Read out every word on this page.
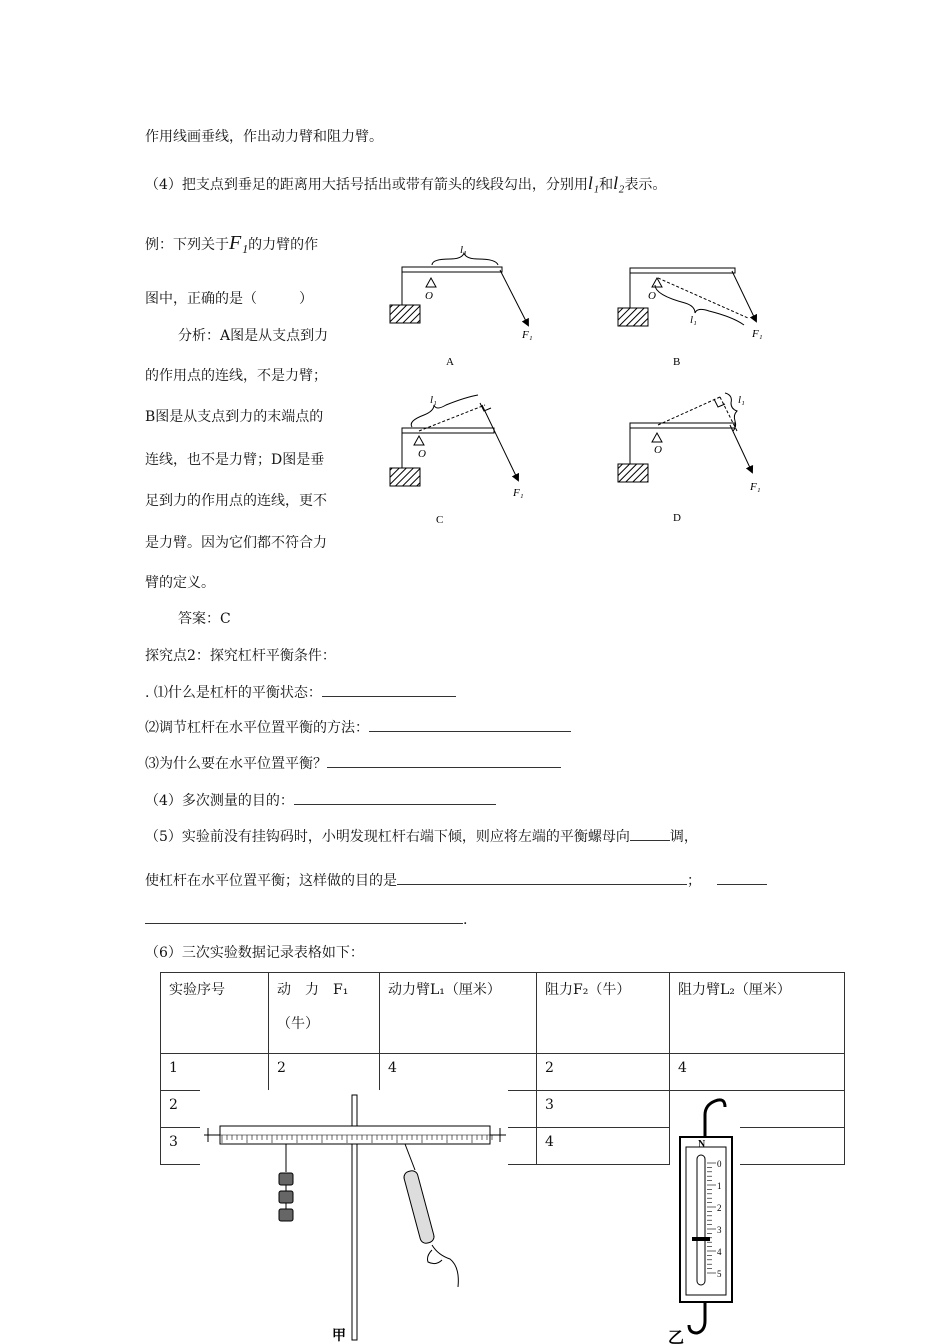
作用线画垂线，作出动力臂和阻力臂。
（4）把支点到垂足的距离用大括号括出或带有箭头的线段勾出，分别用l₁和l₂表示。
例：下列关于F₁的力臂的作
图中，正确的是（　　　）
分析：A图是从支点到力
的作用点的连线，不是力臂；
B图是从支点到力的末端点的
连线，也不是力臂；D图是垂
足到力的作用点的连线，更不
是力臂。因为它们都不符合力
臂的定义。
答案：C
探究点2：探究杠杆平衡条件：
. ⑴什么是杠杆的平衡状态：
⑵调节杠杆在水平位置平衡的方法：
⑶为什么要在水平位置平衡？
（4）多次测量的目的：
（5）实验前没有挂钩码时，小明发现杠杆右端下倾，则应将左端的平衡螺母向	调，
使杠杆在水平位置平衡；这样做的目的是	；
.
（6）三次实验数据记录表格如下：
O
l₁
F₁
A
O
l₁
F₁
B
O
l₁
F₁
C
O
l₁
F₁
D
实验序号	动　力　F₁
（牛）	动力臂L₁（厘米）	阻力F₂（牛）	阻力臂L₂（厘米）
1	2	4	2	4
2			3	
3			4	
甲
N
0
1
2
3
4
5
乙
